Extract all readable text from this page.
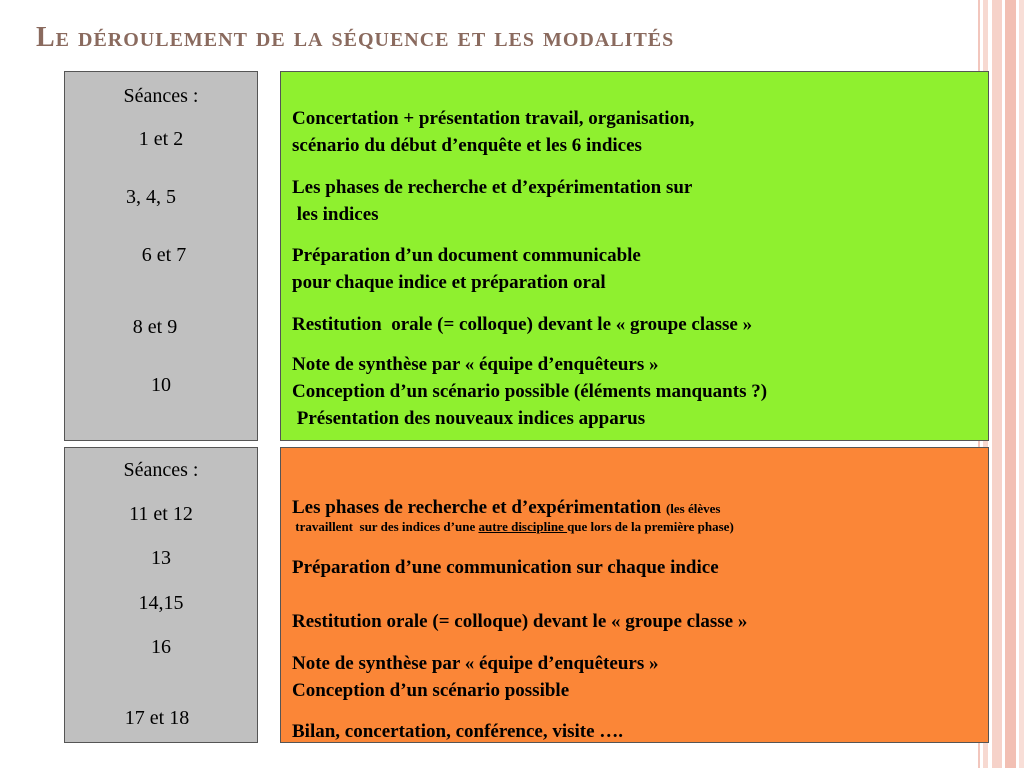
Le déroulement de la séquence et les modalités
Séances :
1 et 2
3, 4, 5
6 et 7
8 et 9
10
Concertation + présentation travail, organisation,
scénario du début d’enquête et les 6 indices
Les phases de recherche et d’expérimentation sur
les indices
Préparation d’un document communicable
pour chaque indice et préparation oral
Restitution  orale (= colloque) devant le « groupe classe »
Note de synthèse par « équipe d’enquêteurs »
Conception d’un scénario possible (éléments manquants ?)
Présentation des nouveaux indices apparus
Séances :
11 et 12
13
14,15
16
17 et 18
Les phases de recherche et d’expérimentation (les élèves
travaillent  sur des indices d’une autre discipline que lors de la première phase)
Préparation d’une communication sur chaque indice
Restitution orale (= colloque) devant le « groupe classe »
Note de synthèse par « équipe d’enquêteurs »
Conception d’un scénario possible
Bilan, concertation, conférence, visite ….
